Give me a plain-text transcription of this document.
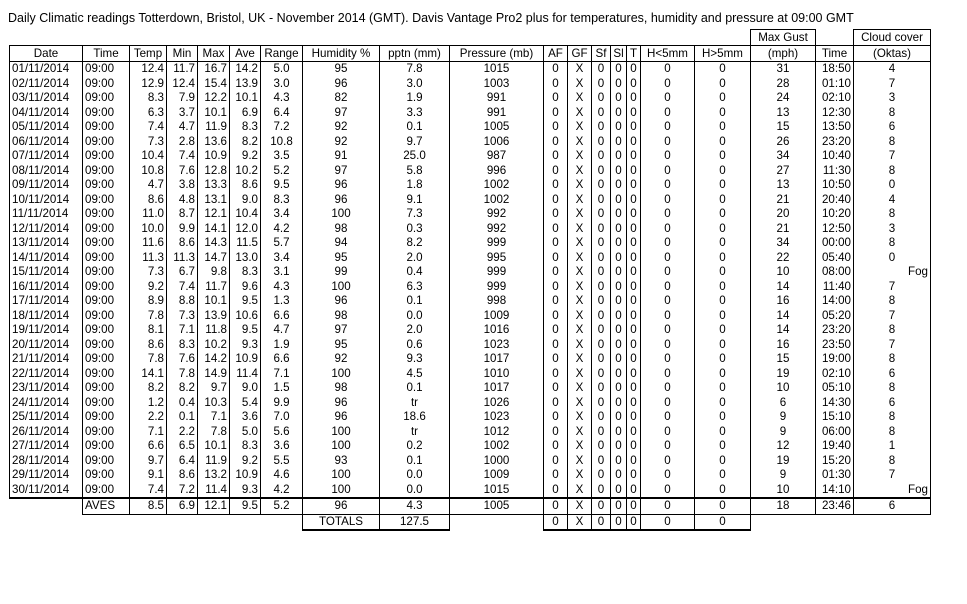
Daily Climatic readings Totterdown, Bristol, UK - November 2014 (GMT). Davis Vantage Pro2 plus for temperatures, humidity and pressure at 09:00 GMT
																	Max Gust		Cloud cover
Date	Time	Temp	Min	Max	Ave	Range	Humidity %	pptn (mm)	Pressure (mb)	AF	GF	Sf	Sl	T	H<5mm	H>5mm	(mph)	Time	(Oktas)
01/11/2014	09:00	12.4	11.7	16.7	14.2	5.0	95	7.8	1015	0	X	0	0	0	0	0	31	18:50	4
02/11/2014	09:00	12.9	12.4	15.4	13.9	3.0	96	3.0	1003	0	X	0	0	0	0	0	28	01:10	7
03/11/2014	09:00	8.3	7.9	12.2	10.1	4.3	82	1.9	991	0	X	0	0	0	0	0	24	02:10	3
04/11/2014	09:00	6.3	3.7	10.1	6.9	6.4	97	3.3	991	0	X	0	0	0	0	0	13	12:30	8
05/11/2014	09:00	7.4	4.7	11.9	8.3	7.2	92	0.1	1005	0	X	0	0	0	0	0	15	13:50	6
06/11/2014	09:00	7.3	2.8	13.6	8.2	10.8	92	9.7	1006	0	X	0	0	0	0	0	26	23:20	8
07/11/2014	09:00	10.4	7.4	10.9	9.2	3.5	91	25.0	987	0	X	0	0	0	0	0	34	10:40	7
08/11/2014	09:00	10.8	7.6	12.8	10.2	5.2	97	5.8	996	0	X	0	0	0	0	0	27	11:30	8
09/11/2014	09:00	4.7	3.8	13.3	8.6	9.5	96	1.8	1002	0	X	0	0	0	0	0	13	10:50	0
10/11/2014	09:00	8.6	4.8	13.1	9.0	8.3	96	9.1	1002	0	X	0	0	0	0	0	21	20:40	4
11/11/2014	09:00	11.0	8.7	12.1	10.4	3.4	100	7.3	992	0	X	0	0	0	0	0	20	10:20	8
12/11/2014	09:00	10.0	9.9	14.1	12.0	4.2	98	0.3	992	0	X	0	0	0	0	0	21	12:50	3
13/11/2014	09:00	11.6	8.6	14.3	11.5	5.7	94	8.2	999	0	X	0	0	0	0	0	34	00:00	8
14/11/2014	09:00	11.3	11.3	14.7	13.0	3.4	95	2.0	995	0	X	0	0	0	0	0	22	05:40	0
15/11/2014	09:00	7.3	6.7	9.8	8.3	3.1	99	0.4	999	0	X	0	0	0	0	0	10	08:00	Fog
16/11/2014	09:00	9.2	7.4	11.7	9.6	4.3	100	6.3	999	0	X	0	0	0	0	0	14	11:40	7
17/11/2014	09:00	8.9	8.8	10.1	9.5	1.3	96	0.1	998	0	X	0	0	0	0	0	16	14:00	8
18/11/2014	09:00	7.8	7.3	13.9	10.6	6.6	98	0.0	1009	0	X	0	0	0	0	0	14	05:20	7
19/11/2014	09:00	8.1	7.1	11.8	9.5	4.7	97	2.0	1016	0	X	0	0	0	0	0	14	23:20	8
20/11/2014	09:00	8.6	8.3	10.2	9.3	1.9	95	0.6	1023	0	X	0	0	0	0	0	16	23:50	7
21/11/2014	09:00	7.8	7.6	14.2	10.9	6.6	92	9.3	1017	0	X	0	0	0	0	0	15	19:00	8
22/11/2014	09:00	14.1	7.8	14.9	11.4	7.1	100	4.5	1010	0	X	0	0	0	0	0	19	02:10	6
23/11/2014	09:00	8.2	8.2	9.7	9.0	1.5	98	0.1	1017	0	X	0	0	0	0	0	10	05:10	8
24/11/2014	09:00	1.2	0.4	10.3	5.4	9.9	96	tr	1026	0	X	0	0	0	0	0	6	14:30	6
25/11/2014	09:00	2.2	0.1	7.1	3.6	7.0	96	18.6	1023	0	X	0	0	0	0	0	9	15:10	8
26/11/2014	09:00	7.1	2.2	7.8	5.0	5.6	100	tr	1012	0	X	0	0	0	0	0	9	06:00	8
27/11/2014	09:00	6.6	6.5	10.1	8.3	3.6	100	0.2	1002	0	X	0	0	0	0	0	12	19:40	1
28/11/2014	09:00	9.7	6.4	11.9	9.2	5.5	93	0.1	1000	0	X	0	0	0	0	0	19	15:20	8
29/11/2014	09:00	9.1	8.6	13.2	10.9	4.6	100	0.0	1009	0	X	0	0	0	0	0	9	01:30	7
30/11/2014	09:00	7.4	7.2	11.4	9.3	4.2	100	0.0	1015	0	X	0	0	0	0	0	10	14:10	Fog
	AVES	8.5	6.9	12.1	9.5	5.2	96	4.3	1005	0	X	0	0	0	0	0	18	23:46	6
							TOTALS	127.5		0	X	0	0	0	0	0			
